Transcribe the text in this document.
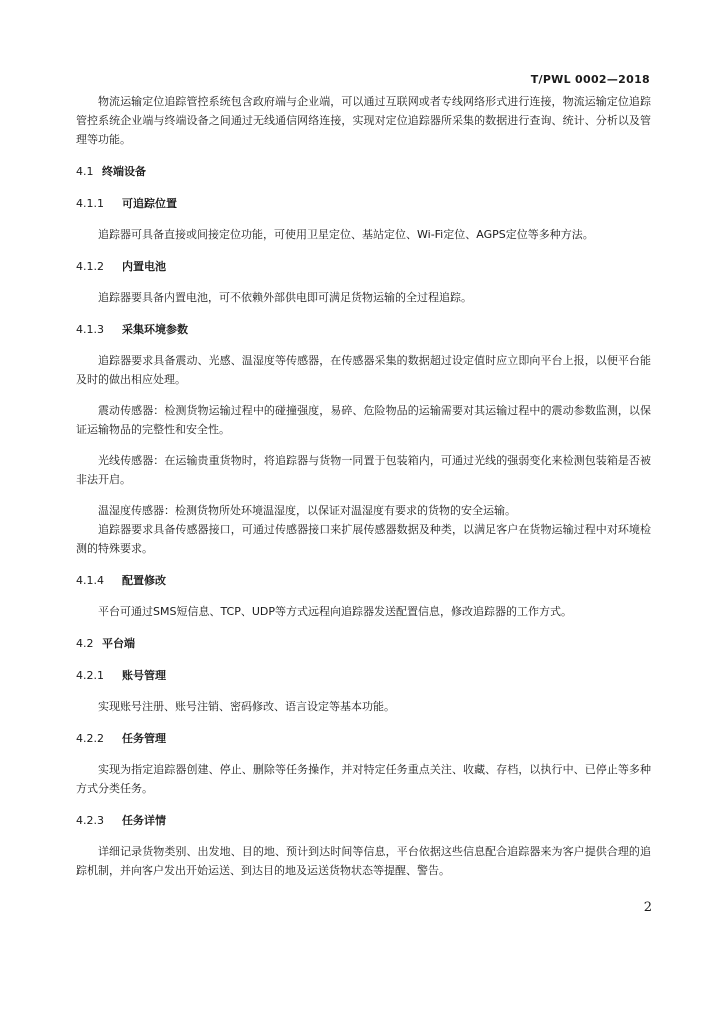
T/PWL 0002—2018

物流运输定位追踪管控系统包含政府端与企业端，可以通过互联网或者专线网络形式进行连接，物流运输定位追踪管控系统企业端与终端设备之间通过无线通信网络连接，实现对定位追踪器所采集的数据进行查询、统计、分析以及管理等功能。

4.1 终端设备

4.1.1 可追踪位置

追踪器可具备直接或间接定位功能，可使用卫星定位、基站定位、Wi-Fi定位、AGPS定位等多种方法。

4.1.2 内置电池

追踪器要具备内置电池，可不依赖外部供电即可满足货物运输的全过程追踪。

4.1.3 采集环境参数

追踪器要求具备震动、光感、温湿度等传感器，在传感器采集的数据超过设定值时应立即向平台上报，以便平台能及时的做出相应处理。

震动传感器：检测货物运输过程中的碰撞强度，易碎、危险物品的运输需要对其运输过程中的震动参数监测，以保证运输物品的完整性和安全性。

光线传感器：在运输贵重货物时，将追踪器与货物一同置于包装箱内，可通过光线的强弱变化来检测包装箱是否被非法开启。

温湿度传感器：检测货物所处环境温湿度，以保证对温湿度有要求的货物的安全运输。

追踪器要求具备传感器接口，可通过传感器接口来扩展传感器数据及种类，以满足客户在货物运输过程中对环境检测的特殊要求。

4.1.4 配置修改

平台可通过SMS短信息、TCP、UDP等方式远程向追踪器发送配置信息，修改追踪器的工作方式。

4.2 平台端

4.2.1 账号管理

实现账号注册、账号注销、密码修改、语言设定等基本功能。

4.2.2 任务管理

实现为指定追踪器创建、停止、删除等任务操作，并对特定任务重点关注、收藏、存档，以执行中、已停止等多种方式分类任务。

4.2.3 任务详情

详细记录货物类别、出发地、目的地、预计到达时间等信息，平台依据这些信息配合追踪器来为客户提供合理的追踪机制，并向客户发出开始运送、到达目的地及运送货物状态等提醒、警告。

2
